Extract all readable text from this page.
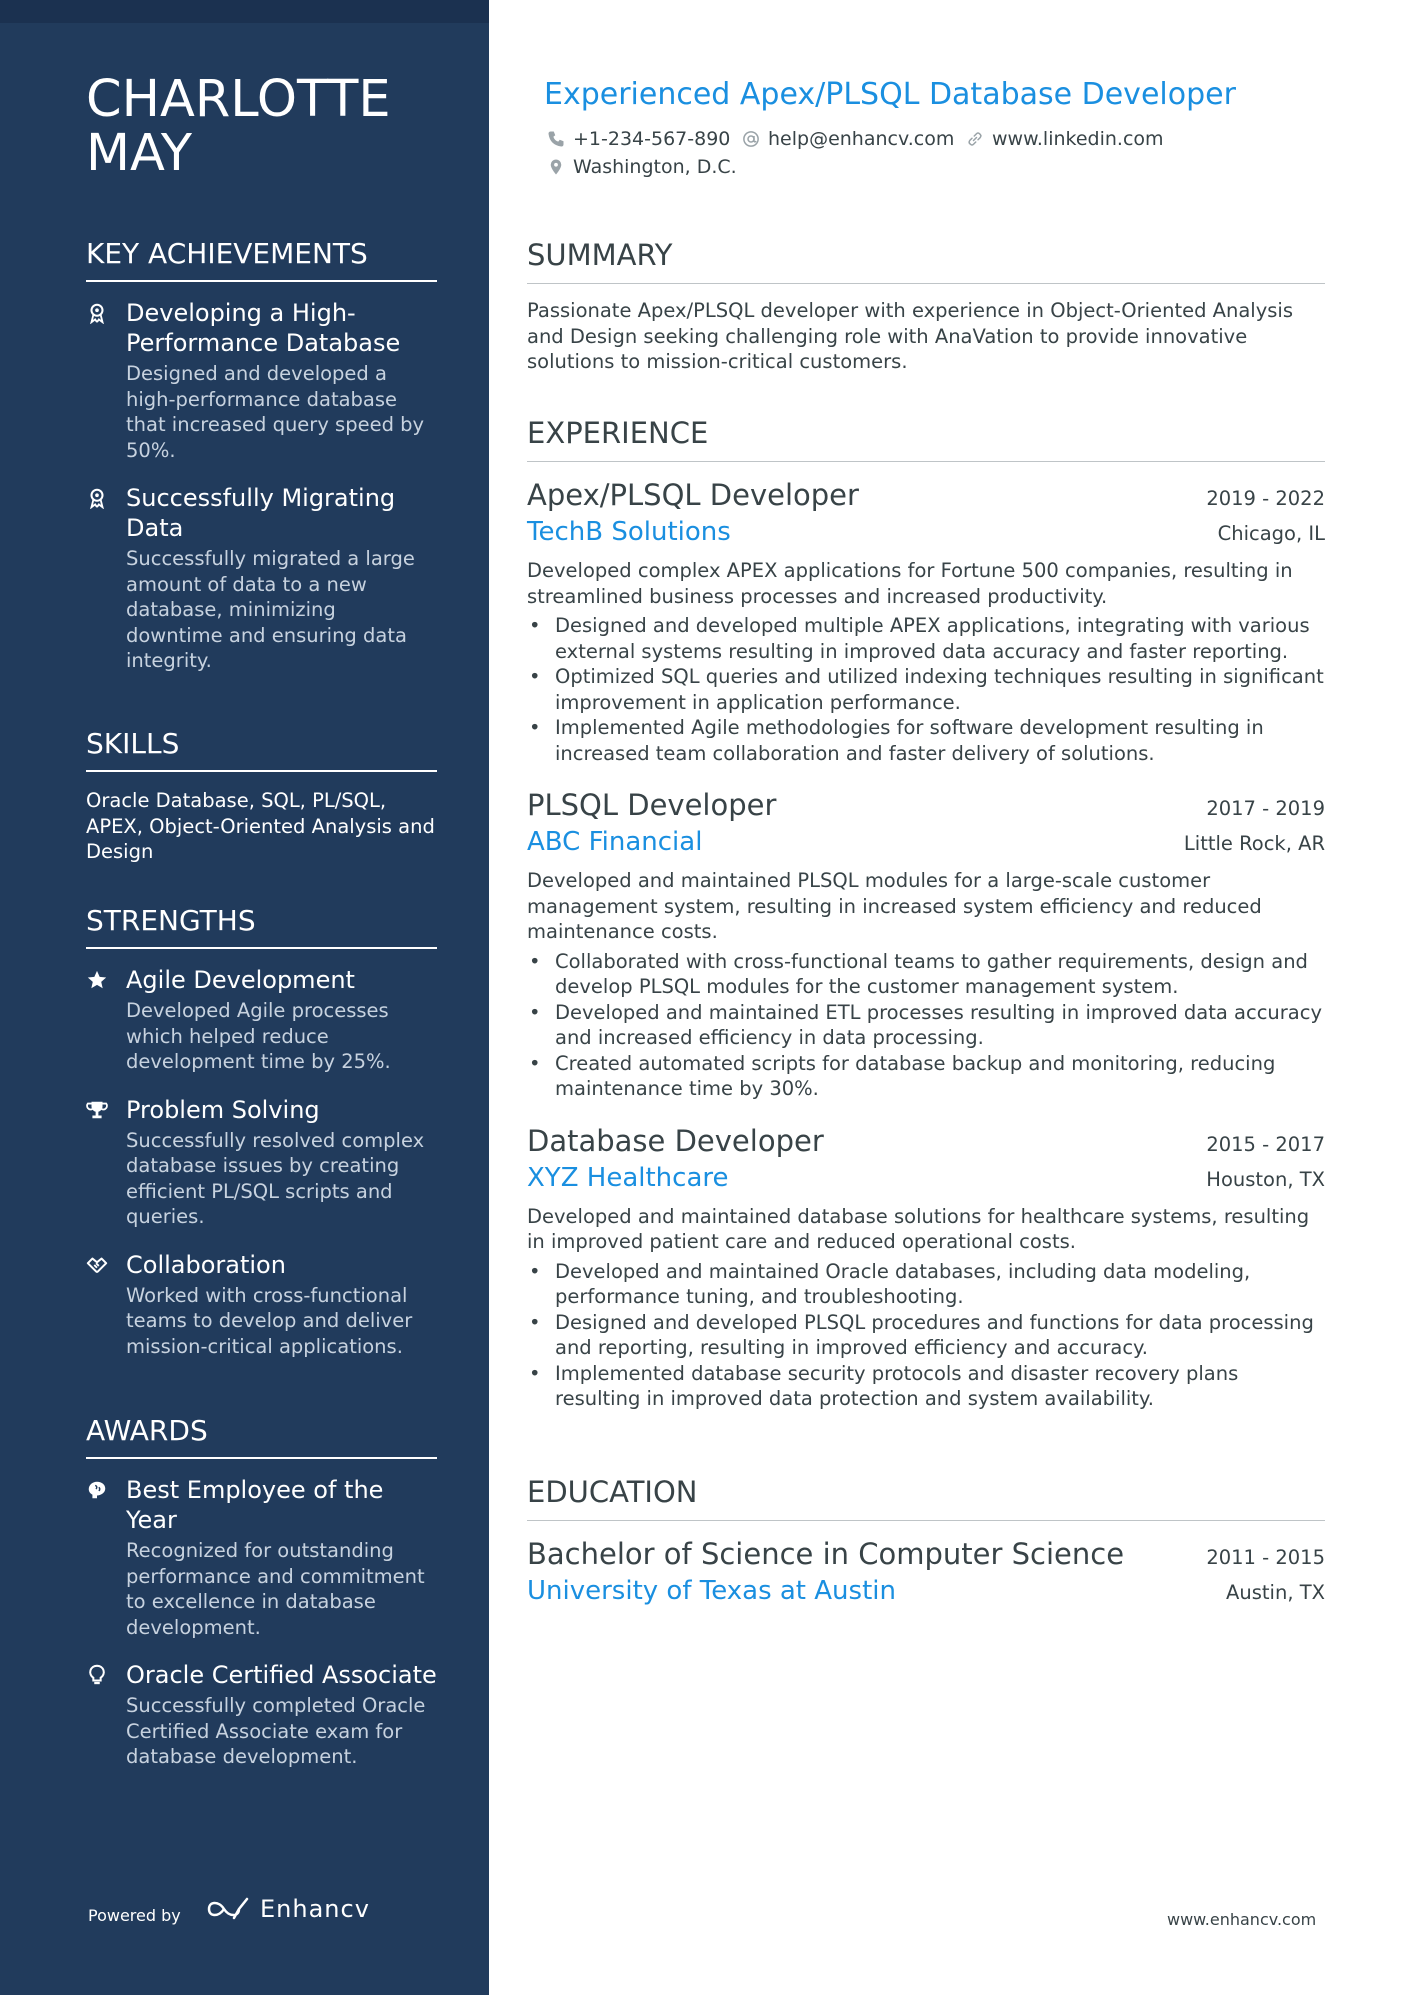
CHARLOTTE
MAY
KEY ACHIEVEMENTS
Developing a High-Performance Database
Designed and developed a high-performance database that increased query speed by 50%.
Successfully Migrating Data
Successfully migrated a large amount of data to a new database, minimizing downtime and ensuring data integrity.
SKILLS
Oracle Database, SQL, PL/SQL, APEX, Object-Oriented Analysis and Design
STRENGTHS
Agile Development
Developed Agile processes which helped reduce development time by 25%.
Problem Solving
Successfully resolved complex database issues by creating efficient PL/SQL scripts and queries.
Collaboration
Worked with cross-functional teams to develop and deliver mission-critical applications.
AWARDS
Best Employee of the Year
Recognized for outstanding performance and commitment to excellence in database development.
Oracle Certified Associate
Successfully completed Oracle Certified Associate exam for database development.
Powered by	Enhancv
Experienced Apex/PLSQL Database Developer
+1-234-567-890 help@enhancv.com www.linkedin.com
Washington, D.C.
SUMMARY
Passionate Apex/PLSQL developer with experience in Object-Oriented Analysis and Design seeking challenging role with AnaVation to provide innovative solutions to mission-critical customers.
EXPERIENCE
Apex/PLSQL Developer	2019 - 2022
TechB Solutions	Chicago, IL
Developed complex APEX applications for Fortune 500 companies, resulting in streamlined business processes and increased productivity.
• Designed and developed multiple APEX applications, integrating with various external systems resulting in improved data accuracy and faster reporting.
• Optimized SQL queries and utilized indexing techniques resulting in significant improvement in application performance.
• Implemented Agile methodologies for software development resulting in increased team collaboration and faster delivery of solutions.
PLSQL Developer	2017 - 2019
ABC Financial	Little Rock, AR
Developed and maintained PLSQL modules for a large-scale customer management system, resulting in increased system efficiency and reduced maintenance costs.
• Collaborated with cross-functional teams to gather requirements, design and develop PLSQL modules for the customer management system.
• Developed and maintained ETL processes resulting in improved data accuracy and increased efficiency in data processing.
• Created automated scripts for database backup and monitoring, reducing maintenance time by 30%.
Database Developer	2015 - 2017
XYZ Healthcare	Houston, TX
Developed and maintained database solutions for healthcare systems, resulting in improved patient care and reduced operational costs.
• Developed and maintained Oracle databases, including data modeling, performance tuning, and troubleshooting.
• Designed and developed PLSQL procedures and functions for data processing and reporting, resulting in improved efficiency and accuracy.
• Implemented database security protocols and disaster recovery plans resulting in improved data protection and system availability.
EDUCATION
Bachelor of Science in Computer Science	2011 - 2015
University of Texas at Austin	Austin, TX
www.enhancv.com
